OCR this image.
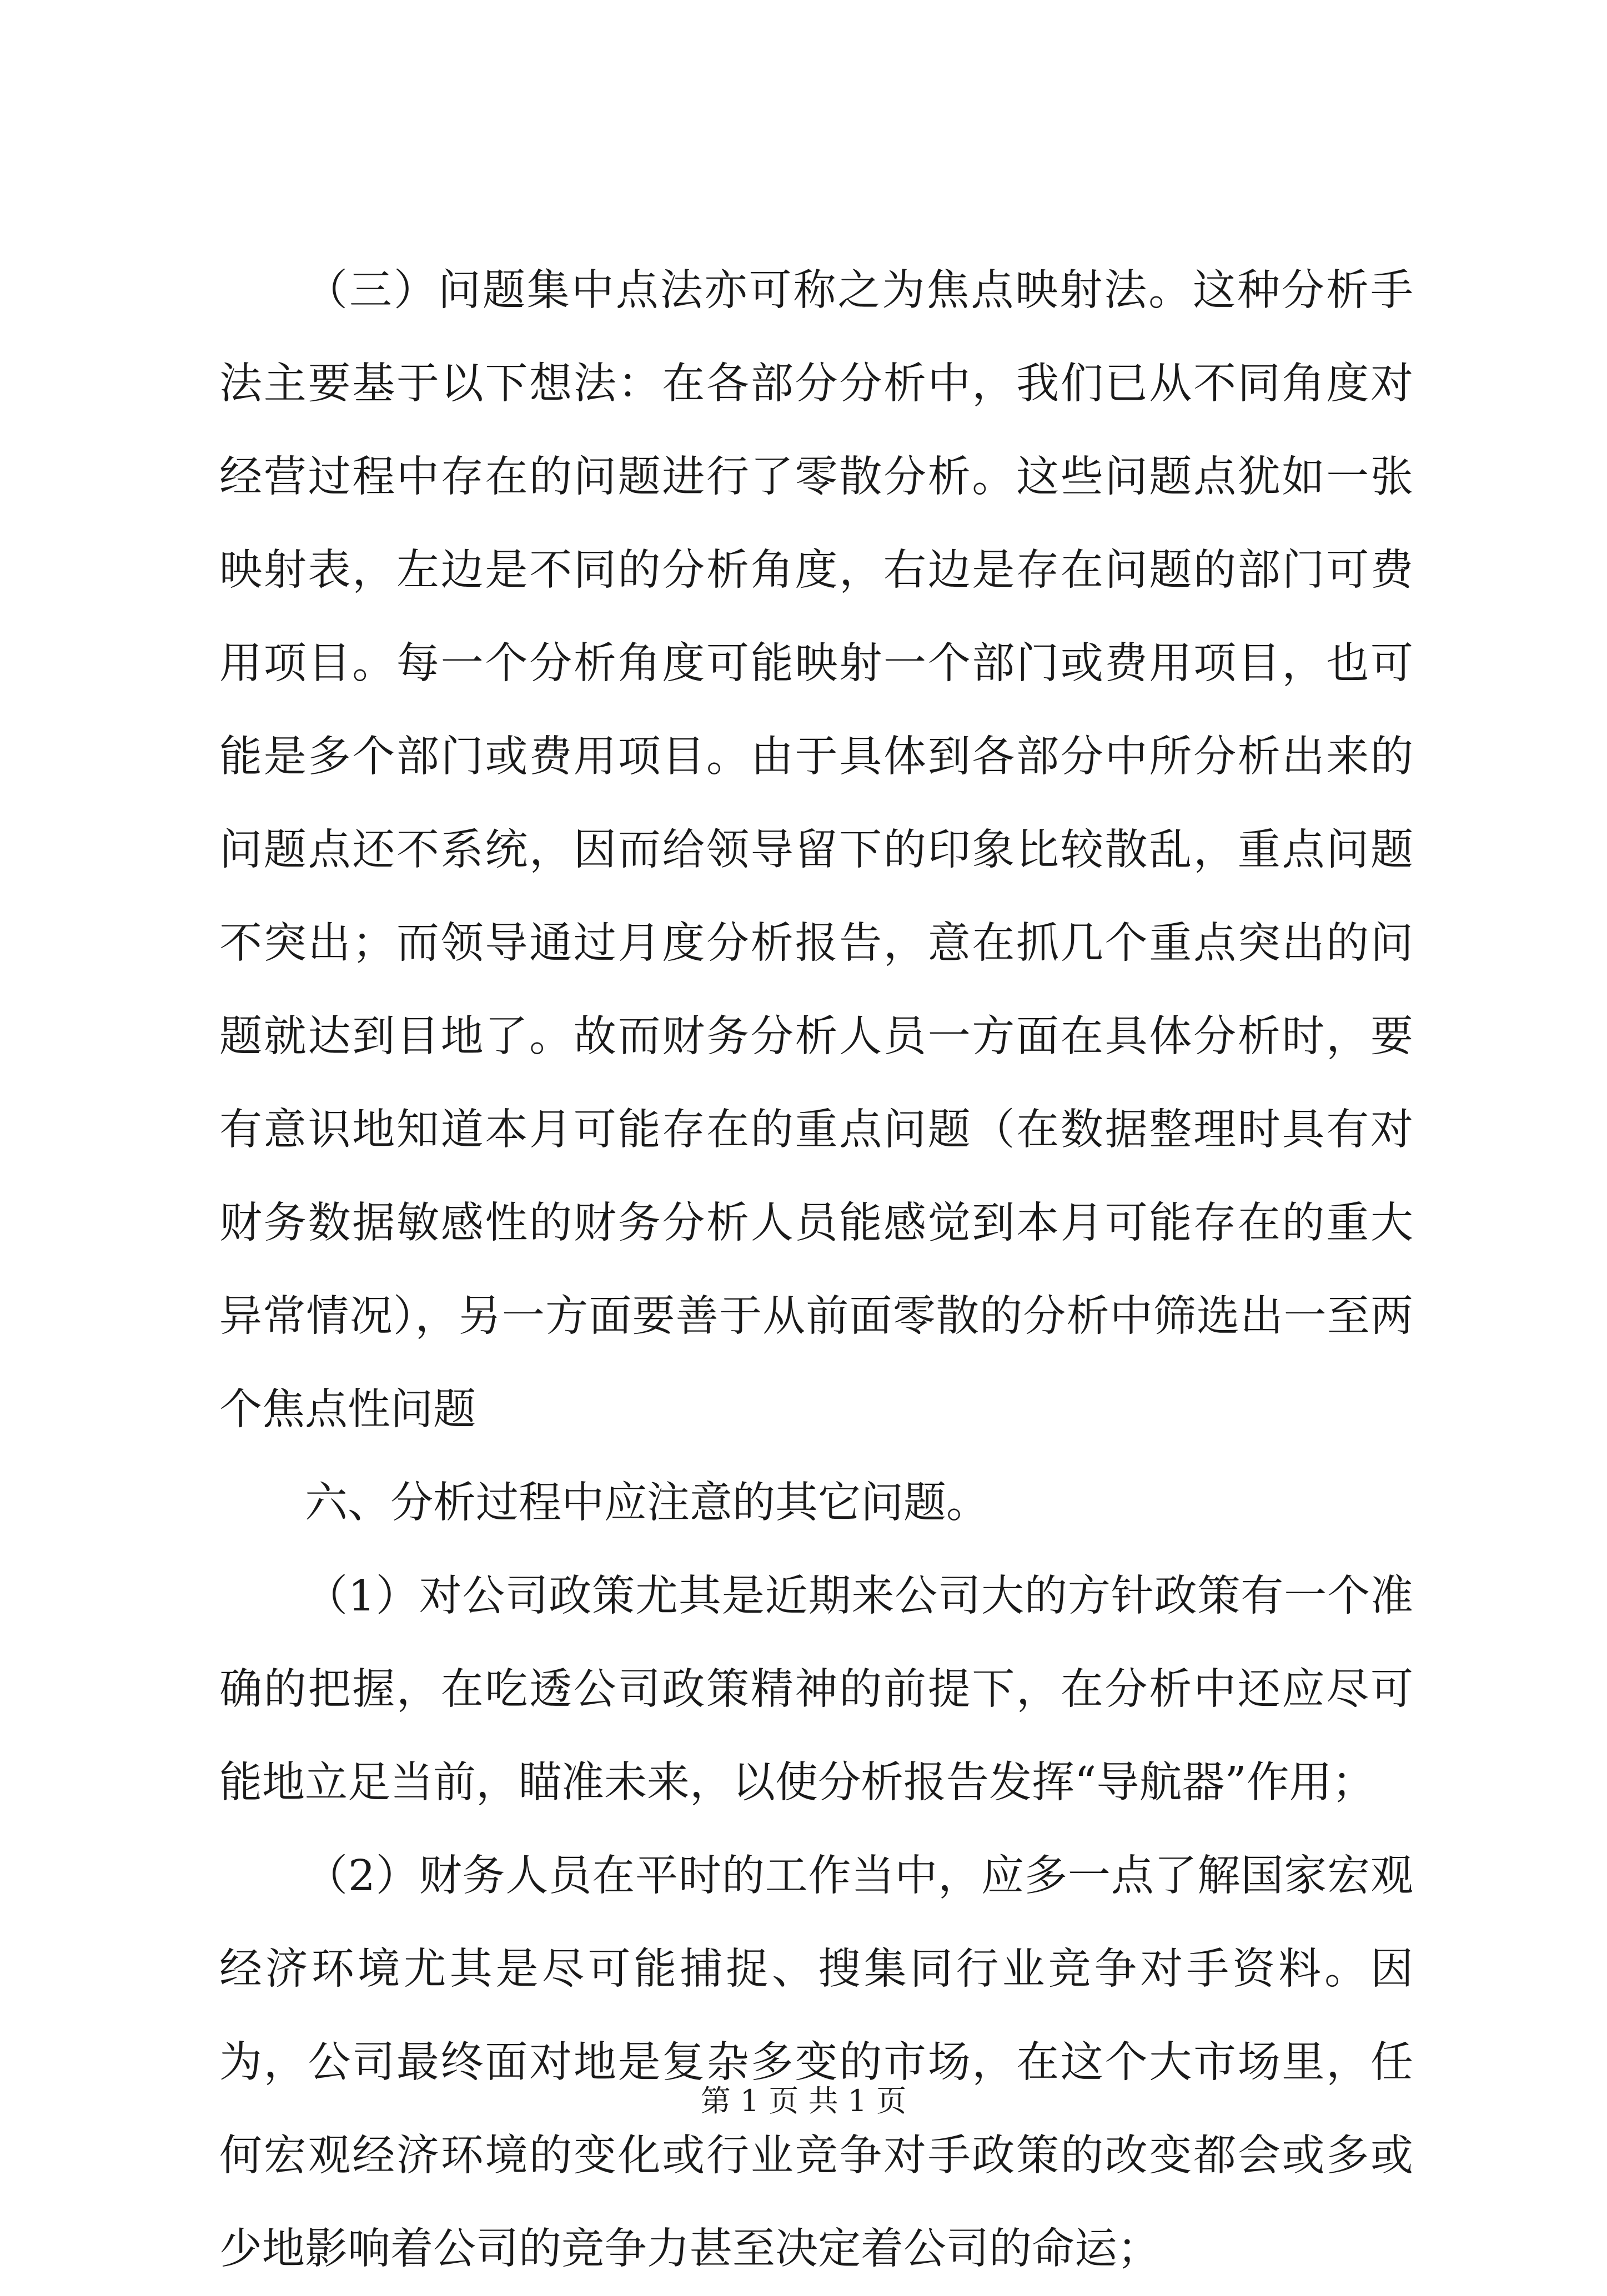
（三）问题集中点法亦可称之为焦点映射法。这种分析手法主要基于以下想法：在各部分分析中，我们已从不同角度对经营过程中存在的问题进行了零散分析。这些问题点犹如一张映射表，左边是不同的分析角度，右边是存在问题的部门可费用项目。每一个分析角度可能映射一个部门或费用项目，也可能是多个部门或费用项目。由于具体到各部分中所分析出来的问题点还不系统，因而给领导留下的印象比较散乱，重点问题不突出；而领导通过月度分析报告，意在抓几个重点突出的问题就达到目地了。故而财务分析人员一方面在具体分析时，要有意识地知道本月可能存在的重点问题（在数据整理时具有对财务数据敏感性的财务分析人员能感觉到本月可能存在的重大异常情况），另一方面要善于从前面零散的分析中筛选出一至两个焦点性问题

六、分析过程中应注意的其它问题。

（1）对公司政策尤其是近期来公司大的方针政策有一个准确的把握，在吃透公司政策精神的前提下，在分析中还应尽可能地立足当前，瞄准未来，以使分析报告发挥“导航器”作用；

（2）财务人员在平时的工作当中，应多一点了解国家宏观经济环境尤其是尽可能捕捉、搜集同行业竞争对手资料。因为，公司最终面对地是复杂多变的市场，在这个大市场里，任何宏观经济环境的变化或行业竞争对手政策的改变都会或多或少地影响着公司的竞争力甚至决定着公司的命运；

第 1 页 共 1 页
